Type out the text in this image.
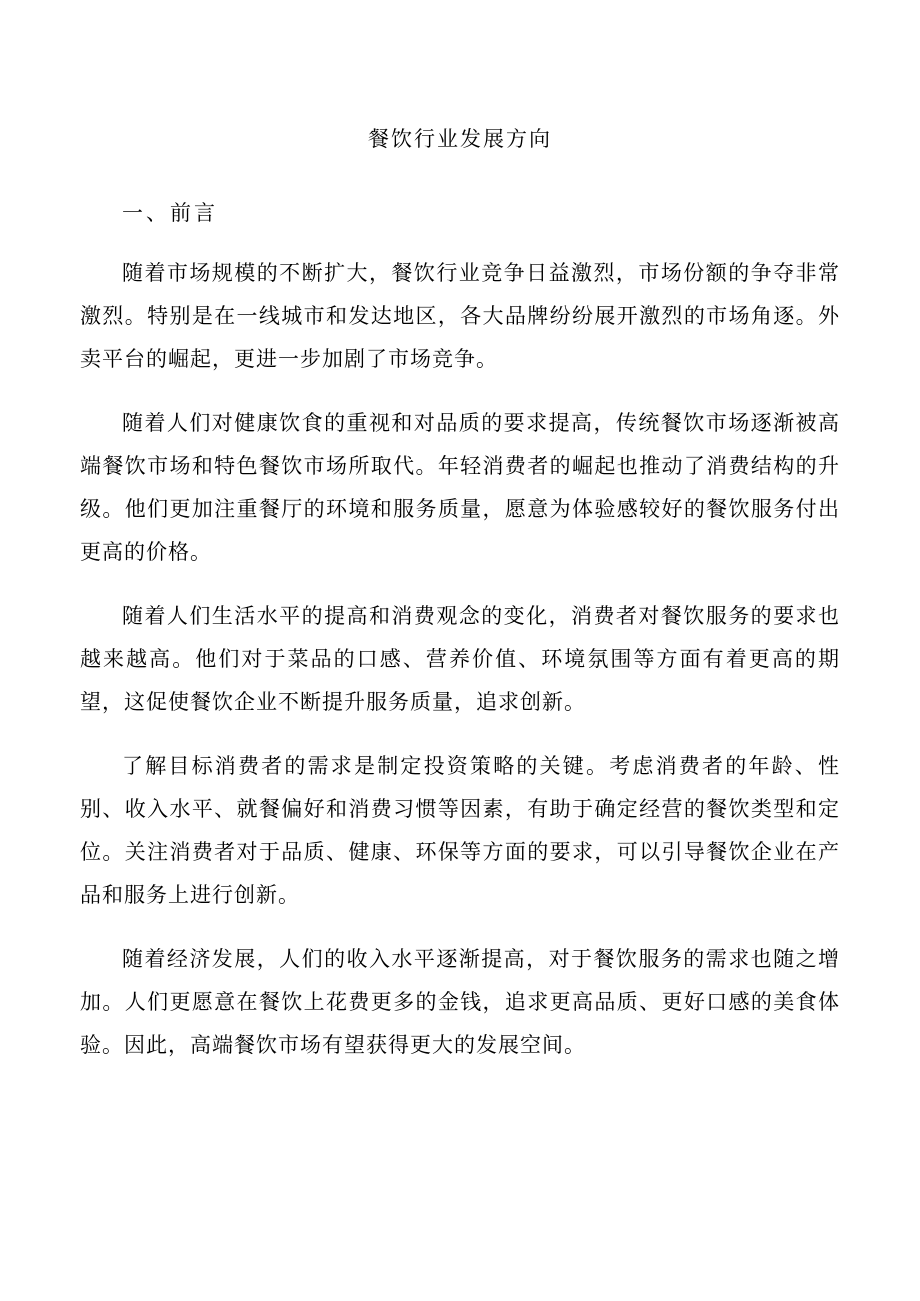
餐饮行业发展方向
一、前言

随着市场规模的不断扩大，餐饮行业竞争日益激烈，市场份额的争夺非常激烈。特别是在一线城市和发达地区，各大品牌纷纷展开激烈的市场角逐。外卖平台的崛起，更进一步加剧了市场竞争。

随着人们对健康饮食的重视和对品质的要求提高，传统餐饮市场逐渐被高端餐饮市场和特色餐饮市场所取代。年轻消费者的崛起也推动了消费结构的升级。他们更加注重餐厅的环境和服务质量，愿意为体验感较好的餐饮服务付出更高的价格。

随着人们生活水平的提高和消费观念的变化，消费者对餐饮服务的要求也越来越高。他们对于菜品的口感、营养价值、环境氛围等方面有着更高的期望，这促使餐饮企业不断提升服务质量，追求创新。

了解目标消费者的需求是制定投资策略的关键。考虑消费者的年龄、性别、收入水平、就餐偏好和消费习惯等因素，有助于确定经营的餐饮类型和定位。关注消费者对于品质、健康、环保等方面的要求，可以引导餐饮企业在产品和服务上进行创新。

随着经济发展，人们的收入水平逐渐提高，对于餐饮服务的需求也随之增加。人们更愿意在餐饮上花费更多的金钱，追求更高品质、更好口感的美食体验。因此，高端餐饮市场有望获得更大的发展空间。
